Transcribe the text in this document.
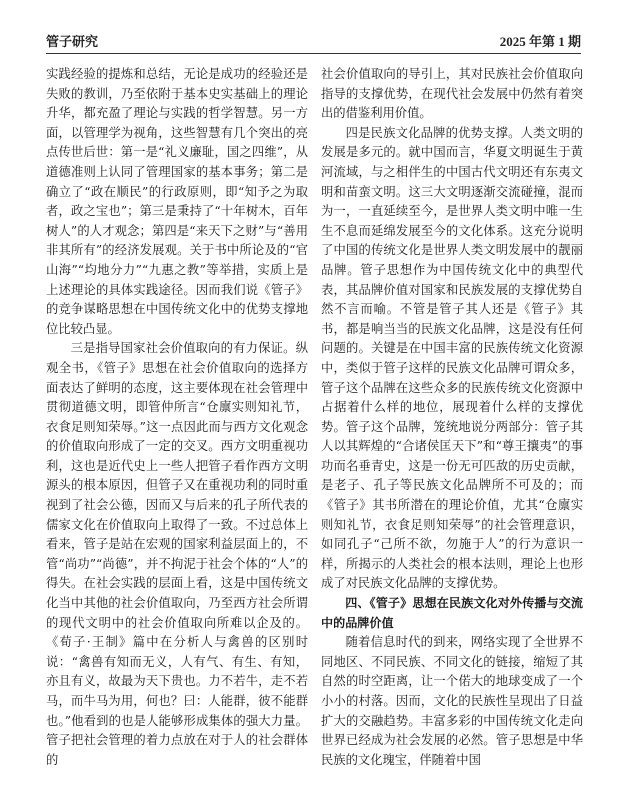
管子研究	2025 年第 1 期

实践经验的提炼和总结，无论是成功的经验还是失败的教训，乃至依附于基本史实基础上的理论升华，都充盈了理论与实践的哲学智慧。另一方面，以管理学为视角，这些智慧有几个突出的亮点传世后世：第一是“礼义廉耻，国之四维”，从道德准则上认同了管理国家的基本事务；第二是确立了“政在顺民”的行政原则，即“知予之为取者，政之宝也”；第三是秉持了“十年树木，百年树人”的人才观念；第四是“来天下之财”与“善用非其所有”的经济发展观。关于书中所论及的“官山海”“均地分力”“九惠之教”等举措，实质上是上述理论的具体实践途径。因而我们说《管子》的竞争谋略思想在中国传统文化中的优势支撑地位比较凸显。

三是指导国家社会价值取向的有力保证。纵观全书，《管子》思想在社会价值取向的选择方面表达了鲜明的态度，这主要体现在社会管理中贯彻道德文明，即管仲所言“仓廪实则知礼节，衣食足则知荣辱。”这一点因此而与西方文化观念的价值取向形成了一定的交叉。西方文明重视功利，这也是近代史上一些人把管子看作西方文明源头的根本原因，但管子又在重视功利的同时重视到了社会公德，因而又与后来的孔子所代表的儒家文化在价值取向上取得了一致。不过总体上看来，管子是站在宏观的国家利益层面上的，不管“尚功”“尚德”，并不拘泥于社会个体的“人”的得失。在社会实践的层面上看，这是中国传统文化当中其他的社会价值取向，乃至西方社会所谓的现代文明中的社会价值取向所难以企及的。《荀子·王制》篇中在分析人与禽兽的区别时说：“禽兽有知而无义，人有气、有生、有知，亦且有义，故最为天下贵也。力不若牛，走不若马，而牛马为用，何也？曰：人能群，彼不能群也。”他看到的也是人能够形成集体的强大力量。管子把社会管理的着力点放在对于人的社会群体的

社会价值取向的导引上，其对民族社会价值取向指导的支撑优势，在现代社会发展中仍然有着突出的借鉴利用价值。

四是民族文化品牌的优势支撑。人类文明的发展是多元的。就中国而言，华夏文明诞生于黄河流域，与之相伴生的中国古代文明还有东夷文明和苗蛮文明。这三大文明逐渐交流碰撞，混而为一，一直延续至今，是世界人类文明中唯一生生不息而延绵发展至今的文化体系。这充分说明了中国的传统文化是世界人类文明发展中的靓丽品牌。管子思想作为中国传统文化中的典型代表，其品牌价值对国家和民族发展的支撑优势自然不言而喻。不管是管子其人还是《管子》其书，都是响当当的民族文化品牌，这是没有任何问题的。关键是在中国丰富的民族传统文化资源中，类似于管子这样的民族文化品牌可谓众多，管子这个品牌在这些众多的民族传统文化资源中占据着什么样的地位，展现着什么样的支撑优势。管子这个品牌，笼统地说分两部分：管子其人以其辉煌的“合诸侯匡天下”和“尊王攘夷”的事功而名垂青史，这是一份无可匹敌的历史贡献，是老子、孔子等民族文化品牌所不可及的；而《管子》其书所潜在的理论价值，尤其“仓廪实则知礼节，衣食足则知荣辱”的社会管理意识，如同孔子“己所不欲，勿施于人”的行为意识一样，所揭示的人类社会的根本法则，理论上也形成了对民族文化品牌的支撑优势。

四、《管子》思想在民族文化对外传播与交流中的品牌价值

随着信息时代的到来，网络实现了全世界不同地区、不同民族、不同文化的链接，缩短了其自然的时空距离，让一个偌大的地球变成了一个小小的村落。因而，文化的民族性呈现出了日益扩大的交融趋势。丰富多彩的中国传统文化走向世界已经成为社会发展的必然。管子思想是中华民族的文化瑰宝，伴随着中国
